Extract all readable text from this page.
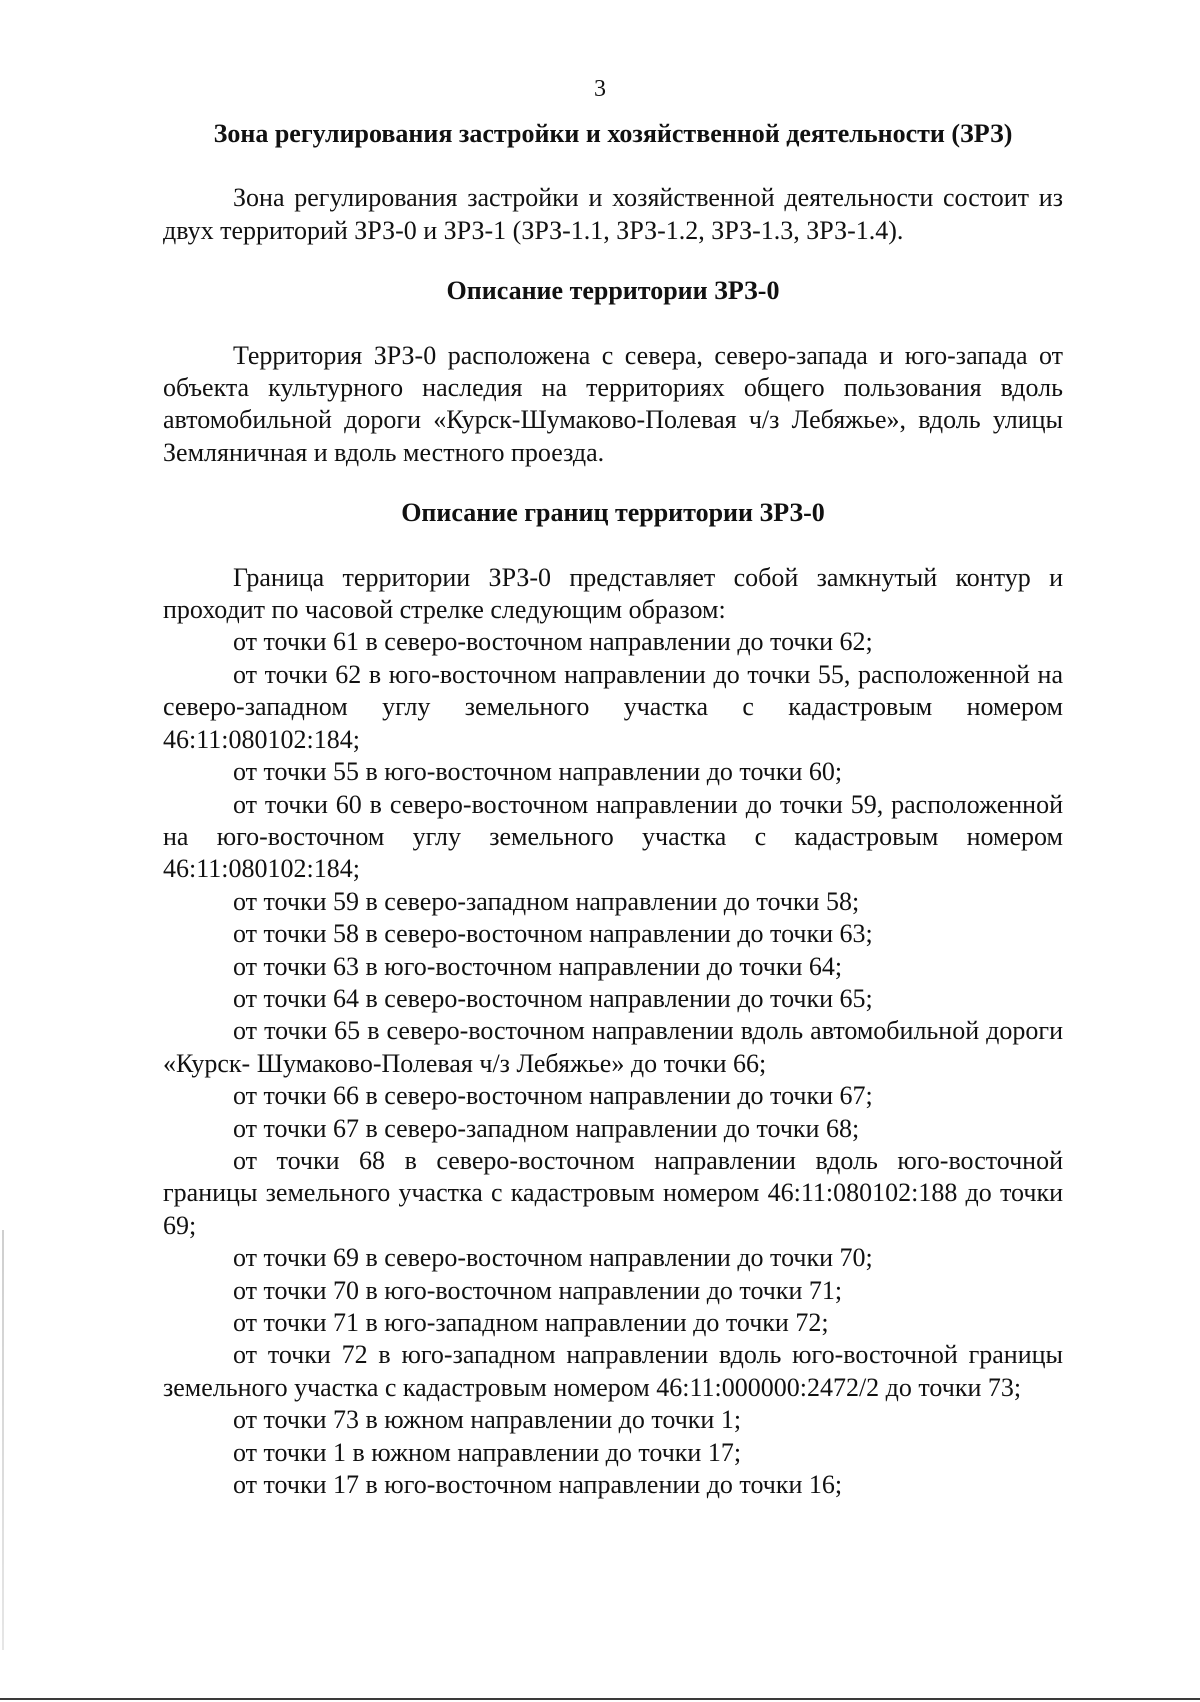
3
Зона регулирования застройки и хозяйственной деятельности (ЗРЗ)

Зона регулирования застройки и хозяйственной деятельности состоит из двух территорий ЗРЗ-0 и ЗРЗ-1 (ЗРЗ-1.1, ЗРЗ-1.2, ЗРЗ-1.3, ЗРЗ-1.4).

Описание территории ЗРЗ-0

Территория ЗРЗ-0 расположена с севера, северо-запада и юго-запада от объекта культурного наследия на территориях общего пользования вдоль автомобильной дороги «Курск-Шумаково-Полевая ч/з Лебяжье», вдоль улицы Земляничная и вдоль местного проезда.

Описание границ территории ЗРЗ-0

Граница территории ЗРЗ-0 представляет собой замкнутый контур и проходит по часовой стрелке следующим образом:

от точки 61 в северо-восточном направлении до точки 62;
от точки 62 в юго-восточном направлении до точки 55, расположенной на северо-западном углу земельного участка с кадастровым номером 46:11:080102:184;
от точки 55 в юго-восточном направлении до точки 60;
от точки 60 в северо-восточном направлении до точки 59, расположенной на юго-восточном углу земельного участка с кадастровым номером 46:11:080102:184;
от точки 59 в северо-западном направлении до точки 58;
от точки 58 в северо-восточном направлении до точки 63;
от точки 63 в юго-восточном направлении до точки 64;
от точки 64 в северо-восточном направлении до точки 65;
от точки 65 в северо-восточном направлении вдоль автомобильной дороги «Курск- Шумаково-Полевая ч/з Лебяжье» до точки 66;
от точки 66 в северо-восточном направлении до точки 67;
от точки 67 в северо-западном направлении до точки 68;
от точки 68 в северо-восточном направлении вдоль юго-восточной границы земельного участка с кадастровым номером 46:11:080102:188 до точки 69;
от точки 69 в северо-восточном направлении до точки 70;
от точки 70 в юго-восточном направлении до точки 71;
от точки 71 в юго-западном направлении до точки 72;
от точки 72 в юго-западном направлении вдоль юго-восточной границы земельного участка с кадастровым номером 46:11:000000:2472/2 до точки 73;
от точки 73 в южном направлении до точки 1;
от точки 1 в южном направлении до точки 17;
от точки 17 в юго-восточном направлении до точки 16;
